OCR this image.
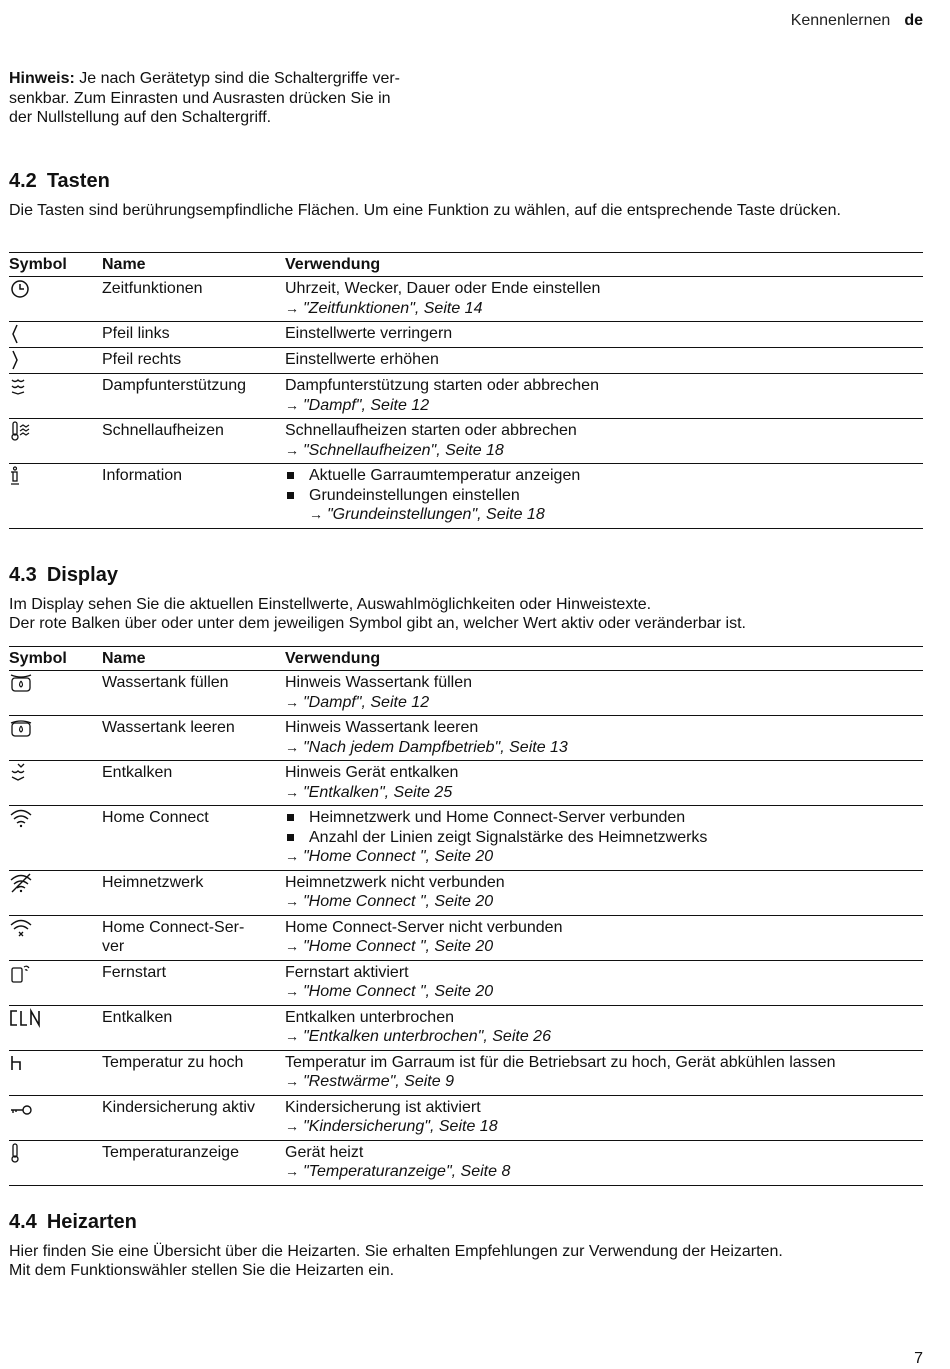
Kennenlernen de
Hinweis: Je nach Gerätetyp sind die Schaltergriffe ver-
senkbar. Zum Einrasten und Ausrasten drücken Sie in
der Nullstellung auf den Schaltergriff.
4.2 Tasten

Die Tasten sind berührungsempfindliche Flächen. Um eine Funktion zu wählen, auf die entsprechende Taste drücken.

Symbol	Name	Verwendung

	Zeitfunktionen	Uhrzeit, Wecker, Dauer oder Ende einstellen
→ "Zeitfunktionen", Seite 14

	Pfeil links	Einstellwerte verringern

	Pfeil rechts	Einstellwerte erhöhen

	Dampfunterstützung	Dampfunterstützung starten oder abbrechen
→ "Dampf", Seite 12

	Schnellaufheizen	Schnellaufheizen starten oder abbrechen
→ "Schnellaufheizen", Seite 18

	Information	Aktuelle Garraumtemperatur anzeigen
Grundeinstellungen einstellen
→ "Grundeinstellungen", Seite 18
4.3 Display

Im Display sehen Sie die aktuellen Einstellwerte, Auswahlmöglichkeiten oder Hinweistexte.

Der rote Balken über oder unter dem jeweiligen Symbol gibt an, welcher Wert aktiv oder veränderbar ist.

Symbol	Name	Verwendung

	Wassertank füllen	Hinweis Wassertank füllen
→ "Dampf", Seite 12

	Wassertank leeren	Hinweis Wassertank leeren
→ "Nach jedem Dampfbetrieb", Seite 13

	Entkalken	Hinweis Gerät entkalken
→ "Entkalken", Seite 25

	Home Connect	Heimnetzwerk und Home Connect-Server verbunden
Anzahl der Linien zeigt Signalstärke des Heimnetzwerks
→ "Home Connect ", Seite 20

	Heimnetzwerk	Heimnetzwerk nicht verbunden
→ "Home Connect ", Seite 20

	Home Connect-Ser-
ver	Home Connect-Server nicht verbunden
→ "Home Connect ", Seite 20

	Fernstart	Fernstart aktiviert
→ "Home Connect ", Seite 20

	Entkalken	Entkalken unterbrochen
→ "Entkalken unterbrochen", Seite 26

	Temperatur zu hoch	Temperatur im Garraum ist für die Betriebsart zu hoch, Gerät abkühlen lassen
→ "Restwärme", Seite 9

	Kindersicherung aktiv	Kindersicherung ist aktiviert
→ "Kindersicherung", Seite 18

	Temperaturanzeige	Gerät heizt
→ "Temperaturanzeige", Seite 8
4.4 Heizarten

Hier finden Sie eine Übersicht über die Heizarten. Sie erhalten Empfehlungen zur Verwendung der Heizarten.

Mit dem Funktionswähler stellen Sie die Heizarten ein.

7
